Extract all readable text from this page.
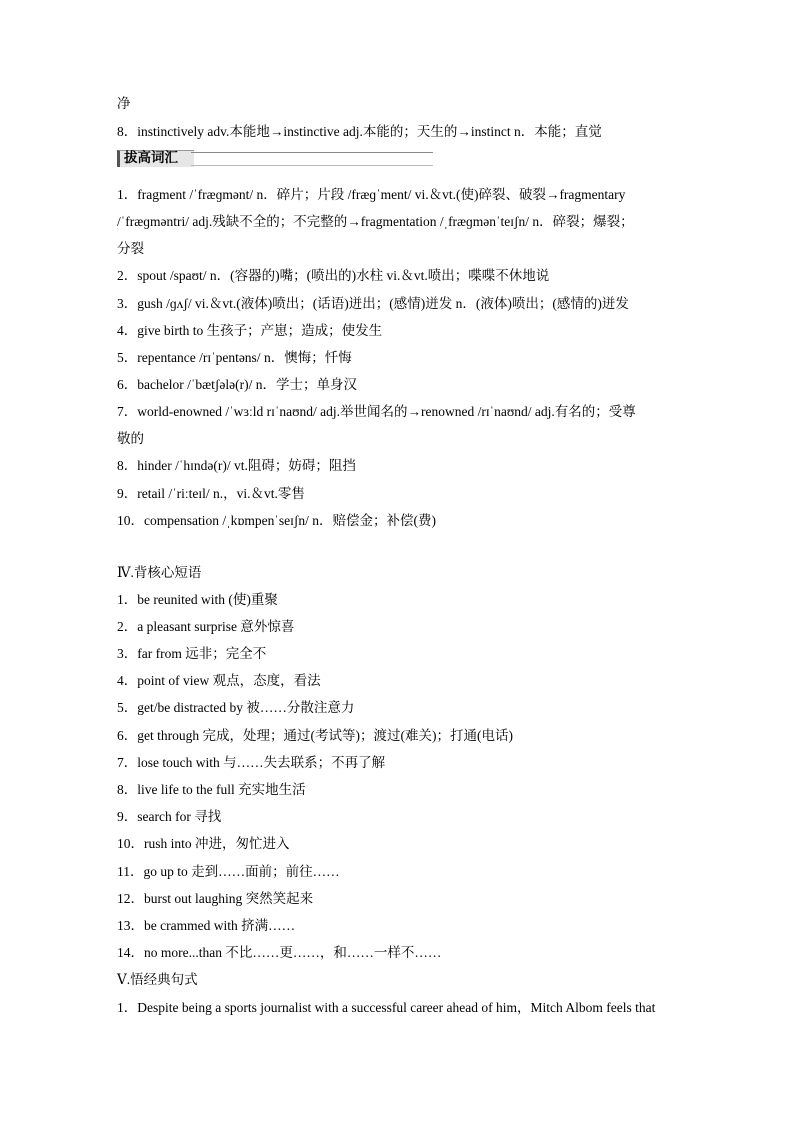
净
8．instinctively adv.本能地→instinctive adj.本能的；天生的→instinct n．本能；直觉
拔高词汇
1．fragment /ˈfræɡmənt/ n．碎片；片段 /fræɡˈment/ vi.＆vt.(使)碎裂、破裂→fragmentary
/ˈfræɡməntri/ adj.残缺不全的；不完整的→fragmentation /ˌfræɡmənˈteɪʃn/ n．碎裂；爆裂；
分裂
2．spout /spaʊt/ n．(容器的)嘴；(喷出的)水柱 vi.＆vt.喷出；喋喋不休地说
3．gush /ɡʌʃ/ vi.＆vt.(液体)喷出；(话语)迸出；(感情)迸发 n．(液体)喷出；(感情的)迸发
4．give birth to 生孩子；产崽；造成；使发生
5．repentance /rɪˈpentəns/ n．懊悔；忏悔
6．bachelor /ˈbætʃələ(r)/ n．学士；单身汉
7．world-enowned /ˈwɜːld rɪˈnaʊnd/ adj.举世闻名的→renowned /rɪˈnaʊnd/ adj.有名的；受尊
敬的
8．hinder /ˈhɪndə(r)/ vt.阻碍；妨碍；阻挡
9．retail /ˈriːteɪl/ n.，vi.＆vt.零售
10．compensation /ˌkɒmpenˈseɪʃn/ n．赔偿金；补偿(费)
Ⅳ.背核心短语
1．be reunited with (使)重聚
2．a pleasant surprise 意外惊喜
3．far from 远非；完全不
4．point of view 观点，态度，看法
5．get/be distracted by 被……分散注意力
6．get through 完成，处理；通过(考试等)；渡过(难关)；打通(电话)
7．lose touch with 与……失去联系；不再了解
8．live life to the full 充实地生活
9．search for 寻找
10．rush into 冲进，匆忙进入
11．go up to 走到……面前；前往……
12．burst out laughing 突然笑起来
13．be crammed with 挤满……
14．no more...than 不比……更……，和……一样不……
Ⅴ.悟经典句式
1．Despite being a sports journalist with a successful career ahead of him，Mitch Albom feels that
